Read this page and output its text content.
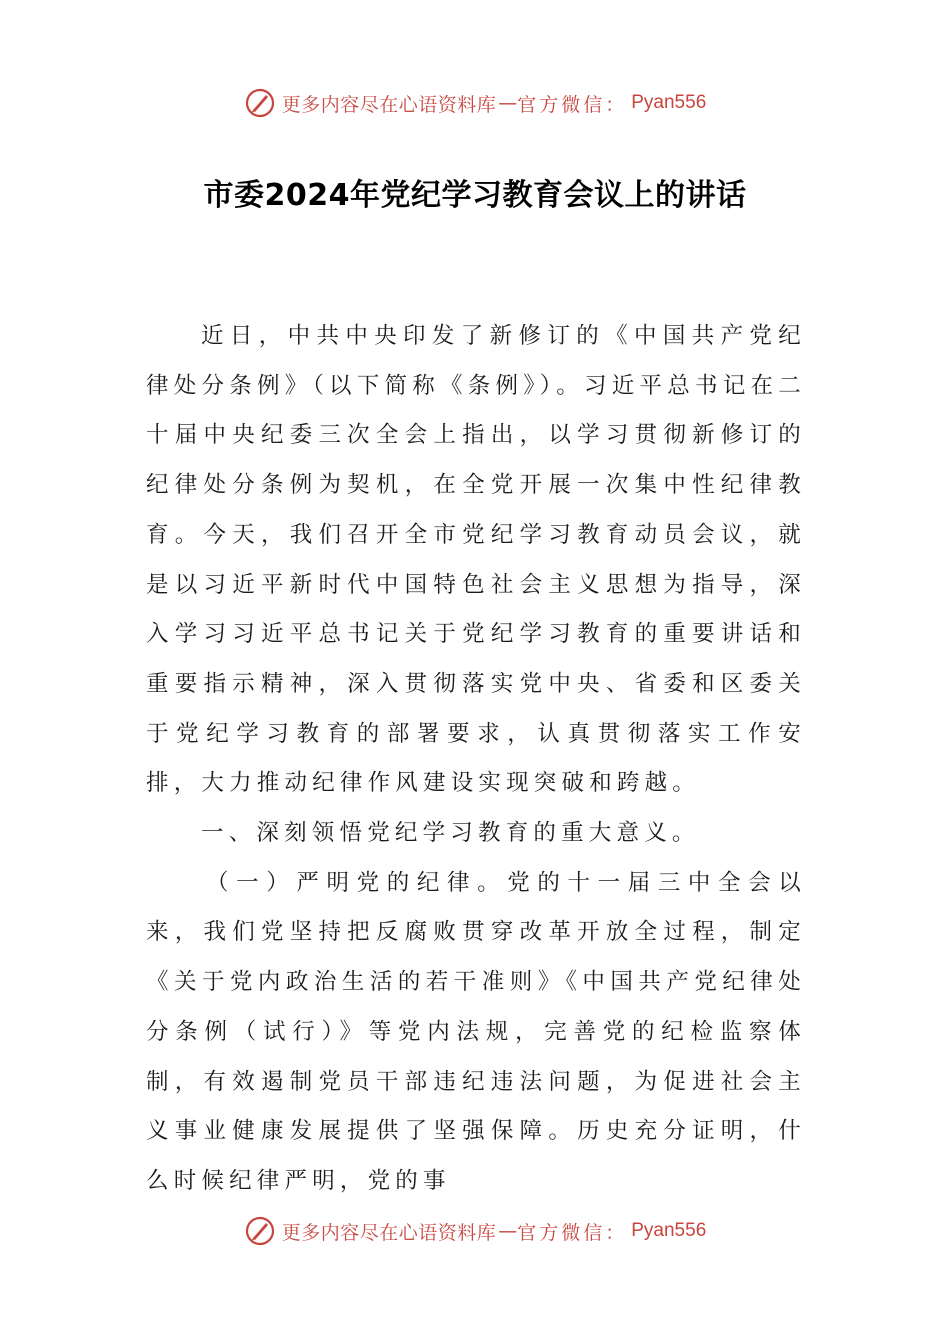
更多内容尽在心语资料库 — 官方微信： Pyan556
市委2024年党纪学习教育会议上的讲话

近日，中共中央印发了新修订的《中国共产党纪律处分条例》（以下简称《条例》）。习近平总书记在二十届中央纪委三次全会上指出，以学习贯彻新修订的纪律处分条例为契机，在全党开展一次集中性纪律教育。今天，我们召开全市党纪学习教育动员会议，就是以习近平新时代中国特色社会主义思想为指导，深入学习习近平总书记关于党纪学习教育的重要讲话和重要指示精神，深入贯彻落实党中央、省委和区委关于党纪学习教育的部署要求，认真贯彻落实工作安排，大力推动纪律作风建设实现突破和跨越。

一、深刻领悟党纪学习教育的重大意义。

（一）严明党的纪律。党的十一届三中全会以来，我们党坚持把反腐败贯穿改革开放全过程，制定《关于党内政治生活的若干准则》《中国共产党纪律处分条例（试行）》等党内法规，完善党的纪检监察体制，有效遏制党员干部违纪违法问题，为促进社会主义事业健康发展提供了坚强保障。历史充分证明，什么时候纪律严明，党的事

更多内容尽在心语资料库 — 官方微信： Pyan556
